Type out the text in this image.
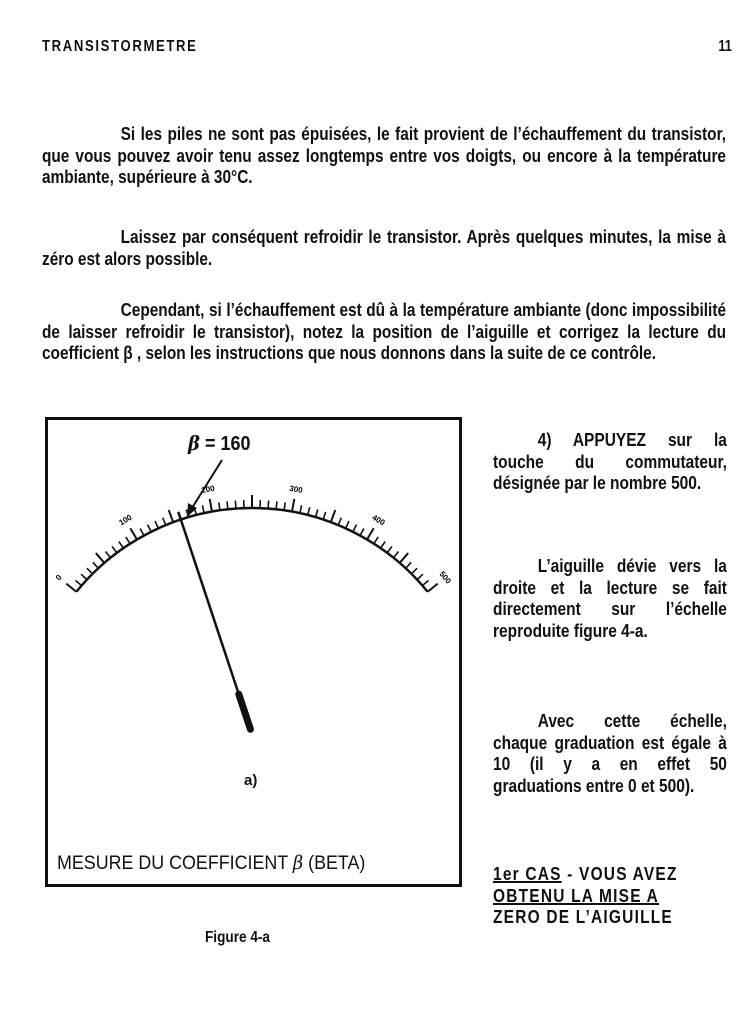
TRANSISTORMETRE	11

Si les piles ne sont pas épuisées, le fait provient de l’échauffement du transistor, que vous pouvez avoir tenu assez longtemps entre vos doigts, ou encore à la température ambiante, supérieure à 30°C.

Laissez par conséquent refroidir le transistor. Après quelques minutes, la mise à zéro est alors possible.

Cependant, si l’échauffement est dû à la température ambiante (donc impossibilité de laisser refroidir le transistor), notez la position de l’aiguille et corrigez la lecture du coefficient β , selon les instructions que nous donnons dans la suite de ce contrôle.

0
100
200	300
400
500
β = 160
a)
MESURE DU COEFFICIENT β (BETA)
Figure 4-a

4) APPUYEZ sur la touche du commutateur, désignée par le nombre 500.

L’aiguille dévie vers la droite et la lecture se fait directement sur l’échelle reproduite figure 4-a.

Avec cette échelle, chaque graduation est égale à 10 (il y a en effet 50 graduations entre 0 et 500).

1er CAS - VOUS AVEZ

OBTENU LA MISE A

ZERO DE L’AIGUILLE
